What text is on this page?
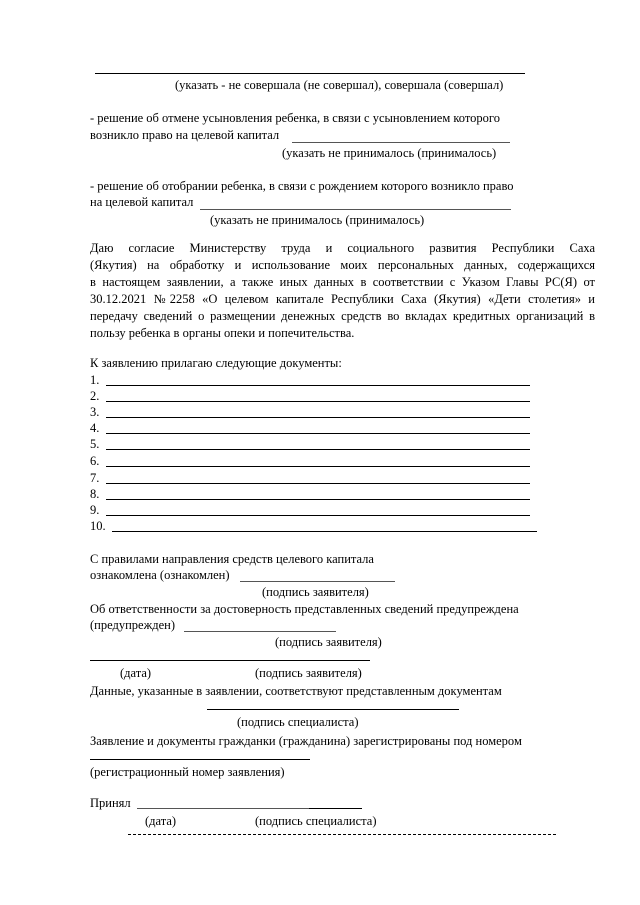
(указать - не совершала (не совершал), совершала (совершал)
- решение об отмене усыновления ребенка, в связи с усыновлением которого
возникло право на целевой капитал
(указать не принималось (принималось)
- решение об отобрании ребенка, в связи с рождением которого возникло право
на целевой капитал
(указать не принималось (принималось)
Даю согласие Министерству труда и социального развития Республики Саха
(Якутия) на обработку и использование моих персональных данных, содержащихся
в настоящем заявлении, а также иных данных в соответствии с Указом Главы РС(Я) от
30.12.2021 №2258 «О целевом капитале Республики Саха (Якутия) «Дети столетия» и
передачу сведений о размещении денежных средств во вкладах кредитных организаций в
пользу ребенка в органы опеки и попечительства.
К заявлению прилагаю следующие документы:
1.
2.
3.
4.
5.
6.
7.
8.
9.
10.
С правилами направления средств целевого капитала
ознакомлена (ознакомлен)
(подпись заявителя)
Об ответственности за достоверность представленных сведений предупреждена
(предупрежден)
(подпись заявителя)
(дата)	(подпись заявителя)
Данные, указанные в заявлении, соответствуют представленным документам
(подпись специалиста)
Заявление и документы гражданки (гражданина) зарегистрированы под номером
(регистрационный номер заявления)
Принял
(дата)	(подпись специалиста)
